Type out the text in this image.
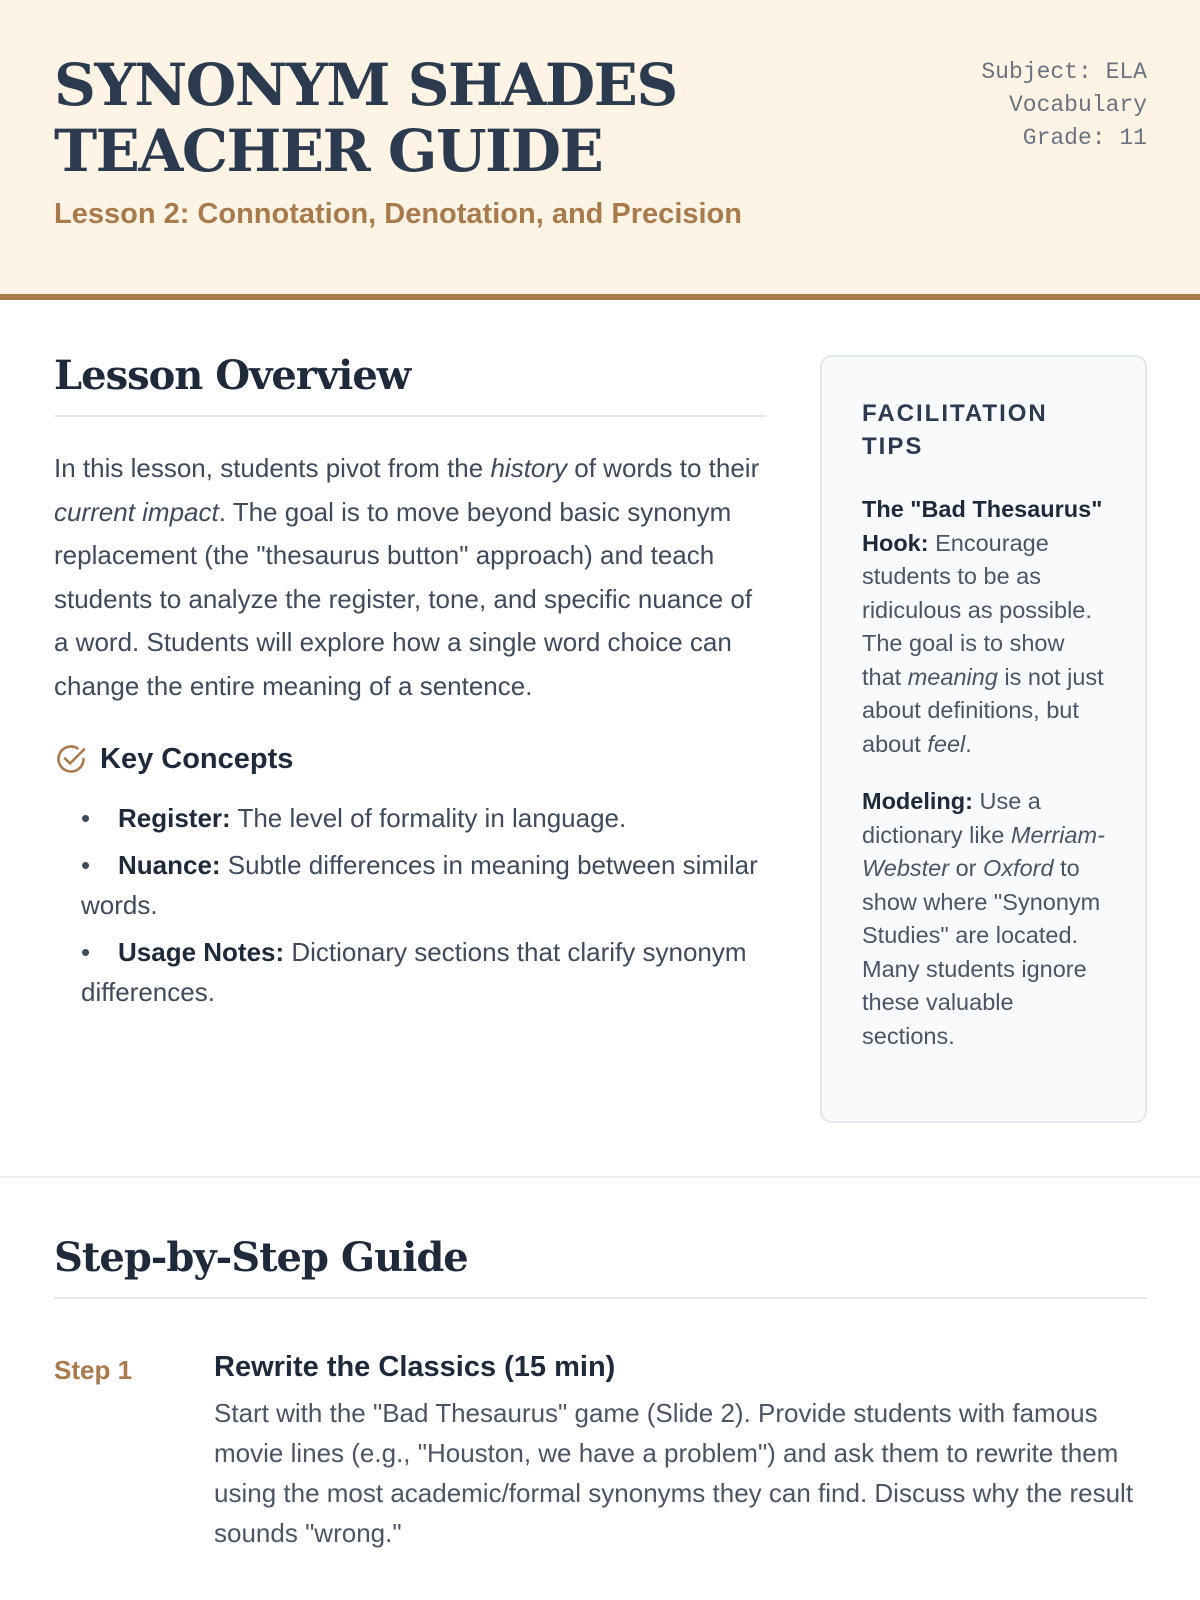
SYNONYM SHADES
TEACHER GUIDE
Lesson 2: Connotation, Denotation, and Precision
Subject: ELA
Vocabulary
Grade: 11
Lesson Overview

In this lesson, students pivot from the history of words to their current impact. The goal is to move beyond basic synonym replacement (the "thesaurus button" approach) and teach students to analyze the register, tone, and specific nuance of a word. Students will explore how a single word choice can change the entire meaning of a sentence.

Key Concepts
• Register: The level of formality in language.
• Nuance: Subtle differences in meaning between similar words.
• Usage Notes: Dictionary sections that clarify synonym differences.
FACILITATION
TIPS

The "Bad Thesaurus" Hook: Encourage students to be as ridiculous as possible. The goal is to show that meaning is not just about definitions, but about feel.

Modeling: Use a dictionary like Merriam-Webster or Oxford to show where "Synonym Studies" are located. Many students ignore these valuable sections.

Step-by-Step Guide
Step 1	Rewrite the Classics (15 min)

Start with the "Bad Thesaurus" game (Slide 2). Provide students with famous movie lines (e.g., "Houston, we have a problem") and ask them to rewrite them using the most academic/formal synonyms they can find. Discuss why the result sounds "wrong."
